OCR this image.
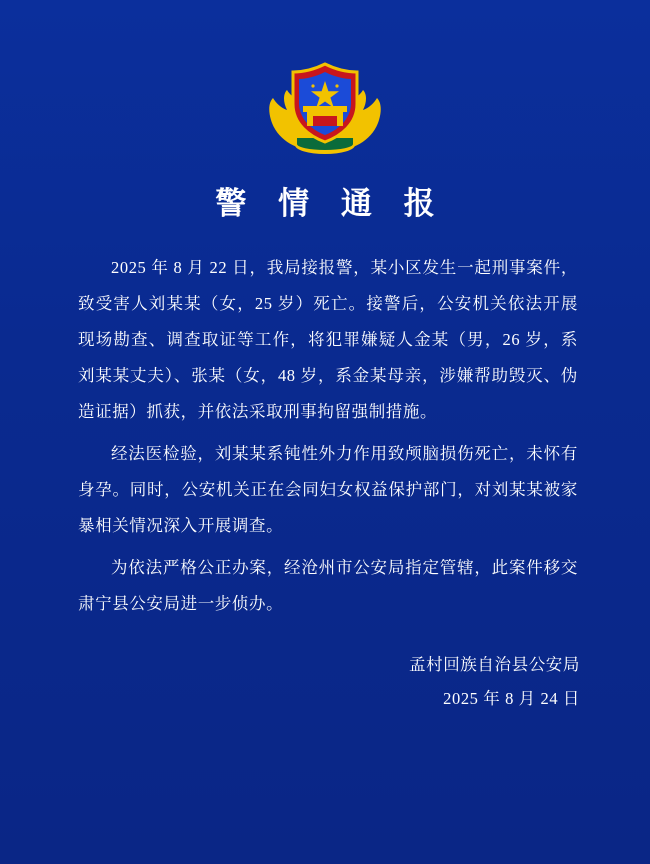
警 情 通 报

2025 年 8 月 22 日，我局接报警，某小区发生一起刑事案件，致受害人刘某某（女，25 岁）死亡。接警后，公安机关依法开展现场勘查、调查取证等工作，将犯罪嫌疑人金某（男，26 岁，系刘某某丈夫）、张某（女，48 岁，系金某母亲，涉嫌帮助毁灭、伪造证据）抓获，并依法采取刑事拘留强制措施。

经法医检验，刘某某系钝性外力作用致颅脑损伤死亡，未怀有身孕。同时，公安机关正在会同妇女权益保护部门，对刘某某被家暴相关情况深入开展调查。

为依法严格公正办案，经沧州市公安局指定管辖，此案件移交肃宁县公安局进一步侦办。

孟村回族自治县公安局
2025 年 8 月 24 日
